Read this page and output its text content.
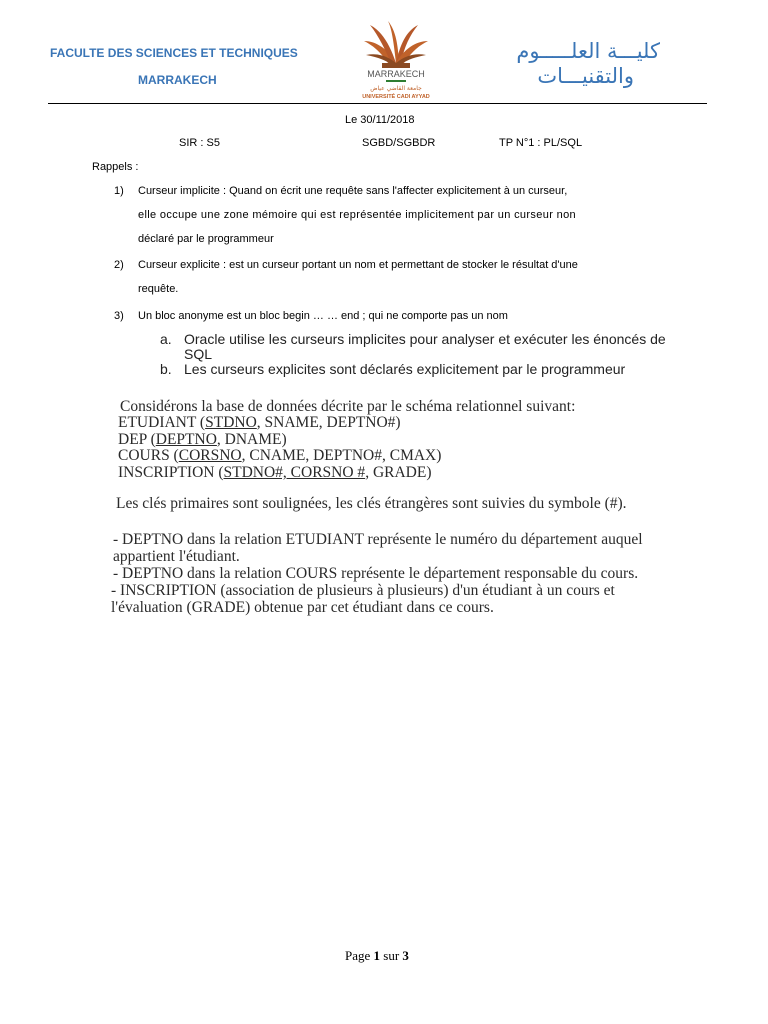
FACULTE DES SCIENCES ET TECHNIQUES
MARRAKECH	MARRAKECH
جامعة القاضي عياض
UNIVERSITÉ CADI AYYAD
كليـــة العلـــــوم
والتقنيـــات
Le 30/11/2018
SIR : S5	SGBD/SGBDR	TP N°1 : PL/SQL
Rappels :
1) Curseur implicite : Quand on écrit une requête sans l'affecter explicitement à un curseur,
elle occupe une zone mémoire qui est représentée implicitement par un curseur non
déclaré par le programmeur
2) Curseur explicite : est un curseur portant un nom et permettant de stocker le résultat d'une
requête.
3) Un bloc anonyme est un bloc begin … … end ; qui ne comporte pas un nom
a. Oracle utilise les curseurs implicites pour analyser et exécuter les énoncés de SQL
b. Les curseurs explicites sont déclarés explicitement par le programmeur
Considérons la base de données décrite par le schéma relationnel suivant:
ETUDIANT (STDNO, SNAME, DEPTNO#)
DEP (DEPTNO, DNAME)
COURS (CORSNO, CNAME, DEPTNO#, CMAX)
INSCRIPTION (STDNO#, CORSNO #, GRADE)
Les clés primaires sont soulignées, les clés étrangères sont suivies du symbole (#).
- DEPTNO dans la relation ETUDIANT représente le numéro du département auquel
appartient l'étudiant.
- DEPTNO dans la relation COURS représente le département responsable du cours.
- INSCRIPTION (association de plusieurs à plusieurs) d'un étudiant à un cours et
l'évaluation (GRADE) obtenue par cet étudiant dans ce cours.
Page 1 sur 3
